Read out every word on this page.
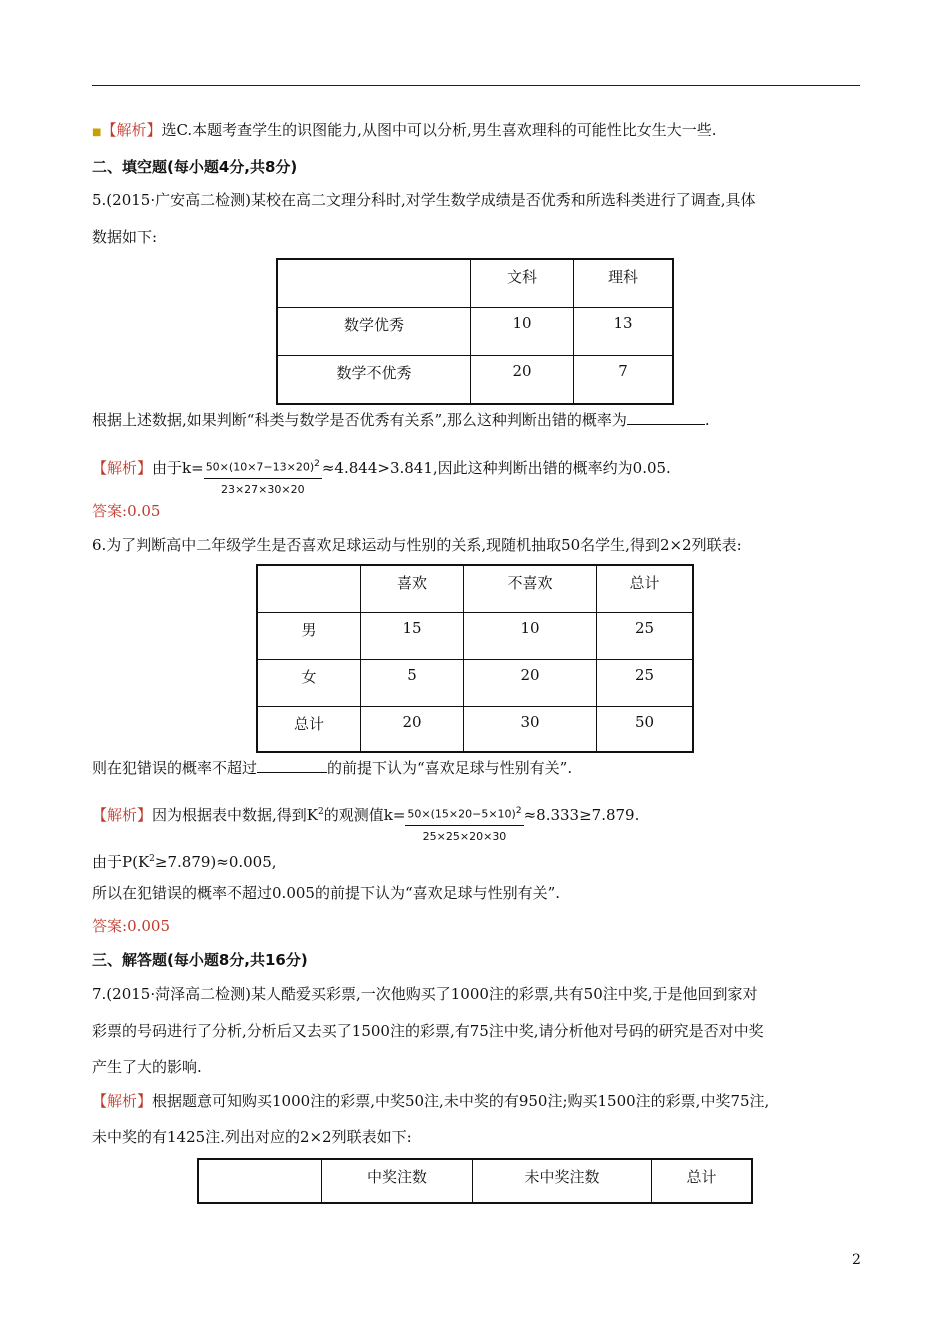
■【解析】选C.本题考查学生的识图能力,从图中可以分析,男生喜欢理科的可能性比女生大一些.
二、填空题(每小题4分,共8分)
5.(2015·广安高二检测)某校在高二文理分科时,对学生数学成绩是否优秀和所选科类进行了调查,具体
数据如下:
	文科	理科
数学优秀	10	13
数学不优秀	20	7
根据上述数据,如果判断“科类与数学是否优秀有关系”,那么这种判断出错的概率为	.
【解析】由于$k= \frac{50\times(10\times 7-13\times 20)^2}{23\times 27\times 30\times 20} \approx 4.844>3.841$,因此这种判断出错的概率约为0.05.
答案:0.05
6.为了判断高中二年级学生是否喜欢足球运动与性别的关系,现随机抽取50名学生,得到2×2列联表:
	喜欢	不喜欢	总计
男	15	10	25
女	5	20	25
总计	20	30	50
则在犯错误的概率不超过	的前提下认为“喜欢足球与性别有关”.
【解析】因为根据表中数据,得到$K^2$的观测值$k= \frac{50\times(15\times 20-5\times 10)^2}{25\times 25\times 20\times 30} \approx 8.333\ge 7.879$.
由于$P(K^2\ge 7.879)\approx 0.005$,
所以在犯错误的概率不超过0.005的前提下认为“喜欢足球与性别有关”.
答案:0.005
三、解答题(每小题8分,共16分)
7.(2015·菏泽高二检测)某人酷爱买彩票,一次他购买了1000注的彩票,共有50注中奖,于是他回到家对
彩票的号码进行了分析,分析后又去买了1500注的彩票,有75注中奖,请分析他对号码的研究是否对中奖
产生了大的影响.
【解析】根据题意可知购买1000注的彩票,中奖50注,未中奖的有950注;购买1500注的彩票,中奖75注,
未中奖的有1425注.列出对应的2×2列联表如下:
	中奖注数	未中奖注数	总计
2
